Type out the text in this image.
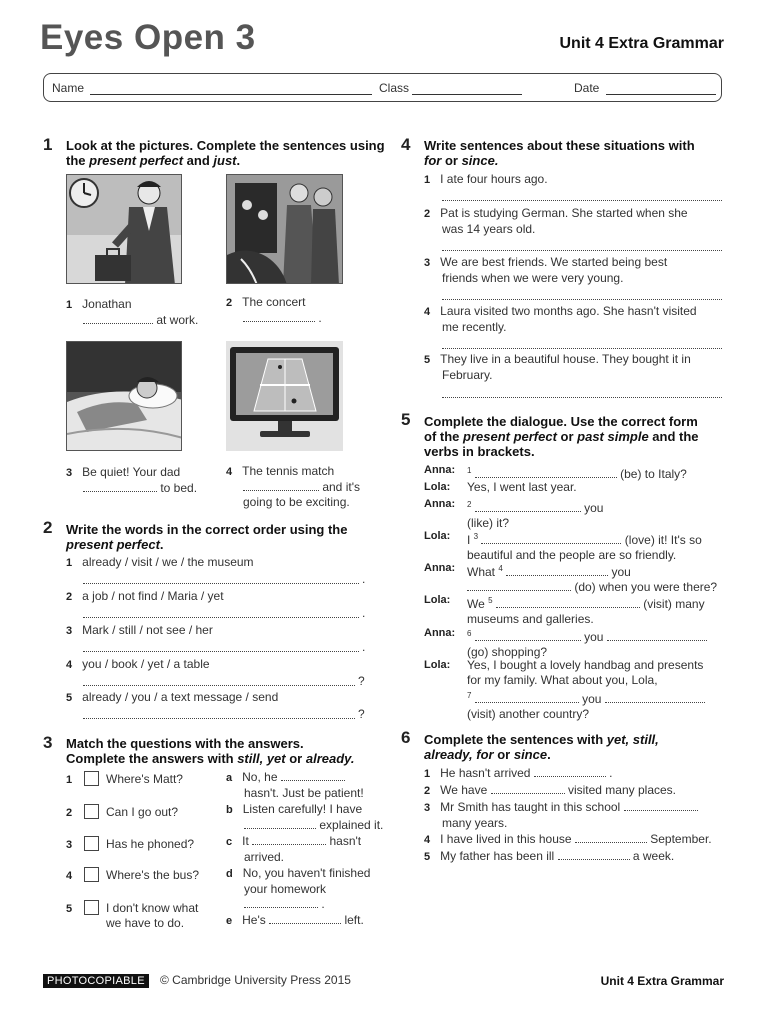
Eyes Open 3	Unit 4 Extra Grammar
Name	Class	Date
1 Look at the pictures. Complete the sentences using the present perfect and just.
1 Jonathan
at work.
2 The concert
.
3 Be quiet! Your dad
to bed.
4 The tennis match
and it's
going to be exciting.
2 Write the words in the correct order using the present perfect.
1 already / visit / we / the museum
.
2 a job / not find / Maria / yet
.
3 Mark / still / not see / her
.
4 you / book / yet / a table
?
5 already / you / a text message / send
?
3 Match the questions with the answers.
Complete the answers with still, yet or already.
1	Where's Matt?
2	Can I go out?
3	Has he phoned?
4	Where's the bus?
5	I don't know what
we have to do.
a No, he
hasn't. Just be patient!
b Listen carefully! I have
explained it.
c It	hasn't
arrived.
d No, you haven't finished
your homework
.
e He's	left.
4 Write sentences about these situations with
for or since.
1 I ate four hours ago.
2 Pat is studying German. She started when she
was 14 years old.
3 We are best friends. We started being best
friends when we were very young.
4 Laura visited two months ago. She hasn't visited
me recently.
5 They live in a beautiful house. They bought it in
February.
5 Complete the dialogue. Use the correct form
of the present perfect or past simple and the
verbs in brackets.
Anna: $^1$	(be) to Italy?
Lola: Yes, I went last year.
Anna: $^2$	you
(like) it?
Lola: I $^3$	(love) it! It's so
beautiful and the people are so friendly.
Anna: What $^4$	you
(do) when you were there?
Lola: We $^5$	(visit) many
museums and galleries.
Anna: $^6$	you
(go) shopping?
Lola: Yes, I bought a lovely handbag and presents
for my family. What about you, Lola,
$^7$	you
(visit) another country?
6 Complete the sentences with yet, still,
already, for or since.
1 He hasn't arrived	.
2 We have	visited many places.
3 Mr Smith has taught in this school
many years.
4 I have lived in this house	September.
5 My father has been ill	a week.
PHOTOCOPIABLE	© Cambridge University Press 2015	Unit 4 Extra Grammar
